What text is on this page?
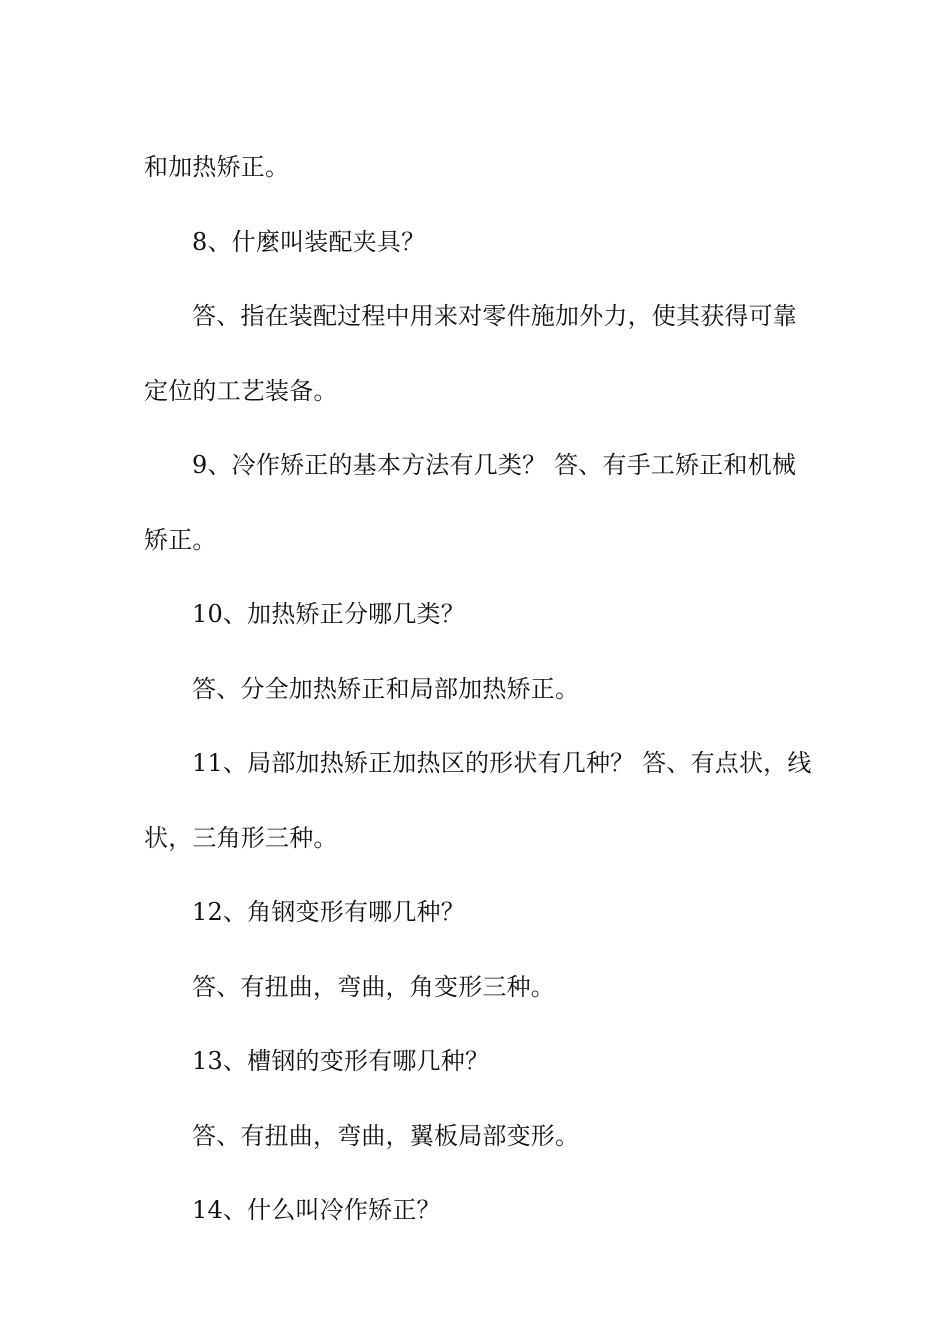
和加热矫正。

8、什麼叫装配夹具？

答、指在装配过程中用来对零件施加外力，使其获得可靠
定位的工艺装备。

9、冷作矫正的基本方法有几类？ 答、有手工矫正和机械
矫正。

10、加热矫正分哪几类？

答、分全加热矫正和局部加热矫正。

11、局部加热矫正加热区的形状有几种？ 答、有点状，线
状，三角形三种。

12、角钢变形有哪几种？

答、有扭曲，弯曲，角变形三种。

13、槽钢的变形有哪几种？

答、有扭曲，弯曲，翼板局部变形。

14、什么叫冷作矫正？
